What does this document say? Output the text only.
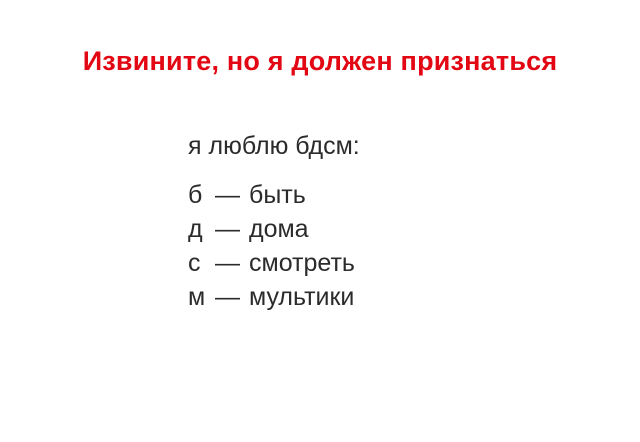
Извините, но я должен признаться

я люблю бдсм:

б — быть
д — дома
с — смотреть
м — мультики
